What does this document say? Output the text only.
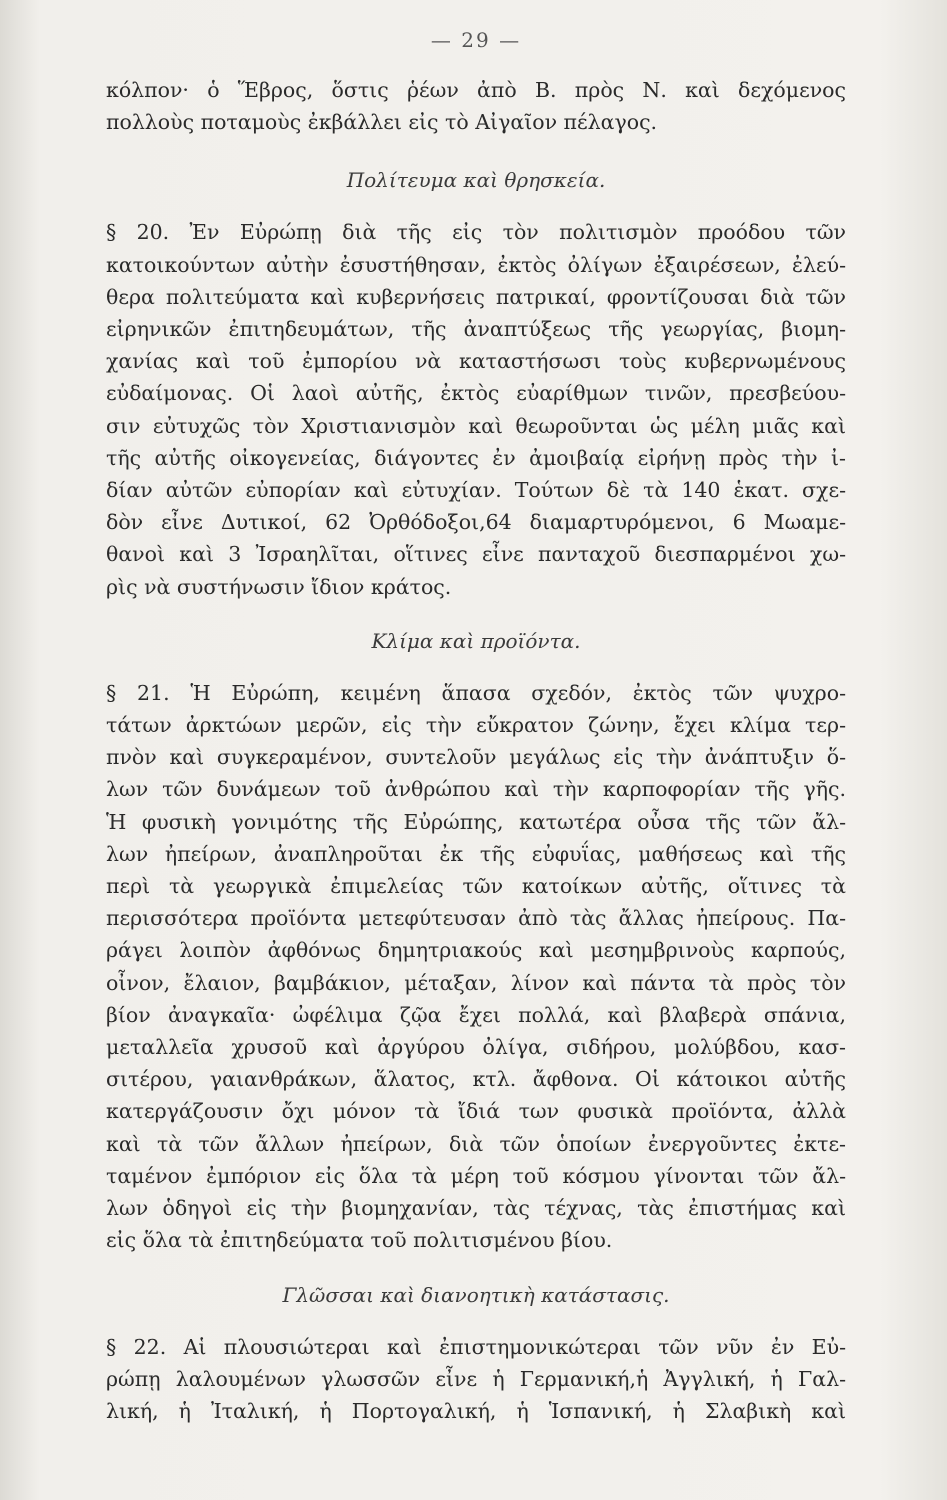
— 29 —
κόλπον· ὁ Ἕβρος, ὅστις ῥέων ἀπὸ Β. πρὸς Ν. καὶ δεχόμενος
πολλοὺς ποταμοὺς ἐκβάλλει εἰς τὸ Αἰγαῖον πέλαγος.
Πολίτευμα καὶ θρησκεία.
§ 20. Ἐν Εὐρώπῃ διὰ τῆς εἰς τὸν πολιτισμὸν προόδου τῶν
κατοικούντων αὐτὴν ἐσυστήθησαν, ἐκτὸς ὀλίγων ἐξαιρέσεων, ἐλεύ-
θερα πολιτεύματα καὶ κυβερνήσεις πατρικαί, φροντίζουσαι διὰ τῶν
εἰρηνικῶν ἐπιτηδευμάτων, τῆς ἀναπτύξεως τῆς γεωργίας, βιομη-
χανίας καὶ τοῦ ἐμπορίου νὰ καταστήσωσι τοὺς κυβερνωμένους
εὐδαίμονας. Οἱ λαοὶ αὐτῆς, ἐκτὸς εὐαρίθμων τινῶν, πρεσβεύου-
σιν εὐτυχῶς τὸν Χριστιανισμὸν καὶ θεωροῦνται ὡς μέλη μιᾶς καὶ
τῆς αὐτῆς οἰκογενείας, διάγοντες ἐν ἀμοιβαίᾳ εἰρήνῃ πρὸς τὴν ἰ-
δίαν αὐτῶν εὐπορίαν καὶ εὐτυχίαν. Τούτων δὲ τὰ 140 ἑκατ. σχε-
δὸν εἶνε Δυτικοί, 62 Ὀρθόδοξοι,64 διαμαρτυρόμενοι, 6 Μωαμε-
θανοὶ καὶ 3 Ἰσραηλῖται, οἵτινες εἶνε πανταχοῦ διεσπαρμένοι χω-
ρὶς νὰ συστήνωσιν ἴδιον κράτος.
Κλίμα καὶ προϊόντα.
§ 21. Ἡ Εὐρώπη, κειμένη ἅπασα σχεδόν, ἐκτὸς τῶν ψυχρο-
τάτων ἀρκτώων μερῶν, εἰς τὴν εὔκρατον ζώνην, ἔχει κλίμα τερ-
πνὸν καὶ συγκεραμένον, συντελοῦν μεγάλως εἰς τὴν ἀνάπτυξιν ὅ-
λων τῶν δυνάμεων τοῦ ἀνθρώπου καὶ τὴν καρποφορίαν τῆς γῆς.
Ἡ φυσικὴ γονιμότης τῆς Εὐρώπης, κατωτέρα οὖσα τῆς τῶν ἄλ-
λων ἠπείρων, ἀναπληροῦται ἐκ τῆς εὐφυΐας, μαθήσεως καὶ τῆς
περὶ τὰ γεωργικὰ ἐπιμελείας τῶν κατοίκων αὐτῆς, οἵτινες τὰ
περισσότερα προϊόντα μετεφύτευσαν ἀπὸ τὰς ἄλλας ἠπείρους. Πα-
ράγει λοιπὸν ἀφθόνως δημητριακούς καὶ μεσημβρινοὺς καρπούς,
οἶνον, ἔλαιον, βαμβάκιον, μέταξαν, λίνον καὶ πάντα τὰ πρὸς τὸν
βίον ἀναγκαῖα· ὠφέλιμα ζῷα ἔχει πολλά, καὶ βλαβερὰ σπάνια,
μεταλλεῖα χρυσοῦ καὶ ἀργύρου ὀλίγα, σιδήρου, μολύβδου, κασ-
σιτέρου, γαιανθράκων, ἅλατος, κτλ. ἄφθονα. Οἱ κάτοικοι αὐτῆς
κατεργάζουσιν ὄχι μόνον τὰ ἴδιά των φυσικὰ προϊόντα, ἀλλὰ
καὶ τὰ τῶν ἄλλων ἠπείρων, διὰ τῶν ὁποίων ἐνεργοῦντες ἐκτε-
ταμένον ἐμπόριον εἰς ὅλα τὰ μέρη τοῦ κόσμου γίνονται τῶν ἄλ-
λων ὁδηγοὶ εἰς τὴν βιομηχανίαν, τὰς τέχνας, τὰς ἐπιστήμας καὶ
εἰς ὅλα τὰ ἐπιτηδεύματα τοῦ πολιτισμένου βίου.
Γλῶσσαι καὶ διανοητικὴ κατάστασις.
§ 22. Αἱ πλουσιώτεραι καὶ ἐπιστημονικώτεραι τῶν νῦν ἐν Εὐ-
ρώπῃ λαλουμένων γλωσσῶν εἶνε ἡ Γερμανική,ἡ Ἀγγλική, ἡ Γαλ-
λική, ἡ Ἰταλική, ἡ Πορτογαλική, ἡ Ἱσπανική, ἡ Σλαβικὴ καὶ
